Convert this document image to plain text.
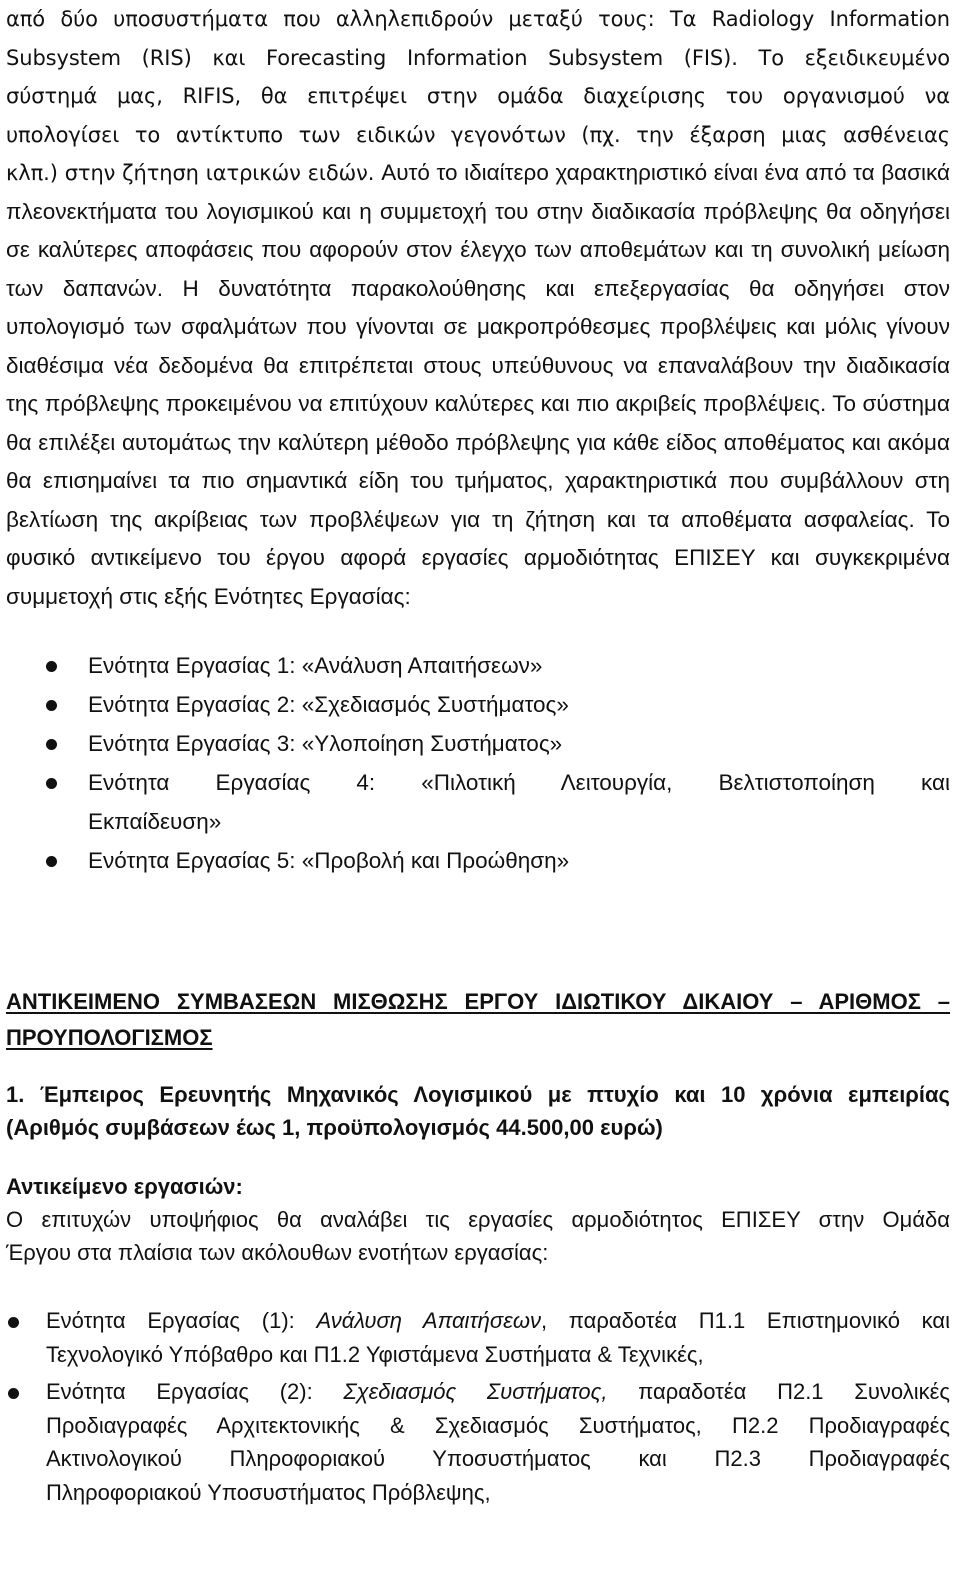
από δύο υποσυστήματα που αλληλεπιδρούν μεταξύ τους: Τα Radiology Information
Subsystem (RIS) και Forecasting Information Subsystem (FIS). Το εξειδικευμένο
σύστημά μας, RIFIS, θα επιτρέψει στην ομάδα διαχείρισης του οργανισμού να
υπολογίσει το αντίκτυπο των ειδικών γεγονότων (πχ. την έξαρση μιας ασθένειας
κλπ.) στην ζήτηση ιατρικών ειδών. Αυτό το ιδιαίτερο χαρακτηριστικό είναι ένα από τα βασικά πλεονεκτήματα του λογισμικού και η συμμετοχή του στην διαδικασία πρόβλεψης θα οδηγήσει σε καλύτερες αποφάσεις που αφορούν στον έλεγχο των αποθεμάτων και τη συνολική μείωση των δαπανών. Η δυνατότητα παρακολούθησης και επεξεργασίας θα οδηγήσει στον υπολογισμό των σφαλμάτων που γίνονται σε μακροπρόθεσμες προβλέψεις και μόλις γίνουν διαθέσιμα νέα δεδομένα θα επιτρέπεται στους υπεύθυνους να επαναλάβουν την διαδικασία της πρόβλεψης προκειμένου να επιτύχουν καλύτερες και πιο ακριβείς προβλέψεις. Το σύστημα θα επιλέξει αυτομάτως την καλύτερη μέθοδο πρόβλεψης για κάθε είδος αποθέματος και ακόμα θα επισημαίνει τα πιο σημαντικά είδη του τμήματος, χαρακτηριστικά που συμβάλλουν στη βελτίωση της ακρίβειας των προβλέψεων για τη ζήτηση και τα αποθέματα ασφαλείας. Το φυσικό αντικείμενο του έργου αφορά εργασίες αρμοδιότητας ΕΠΙΣΕΥ και συγκεκριμένα συμμετοχή στις εξής Ενότητες Εργασίας:
Ενότητα Εργασίας 1: «Ανάλυση Απαιτήσεων»
Ενότητα Εργασίας 2: «Σχεδιασμός Συστήματος»
Ενότητα Εργασίας 3: «Υλοποίηση Συστήματος»
Ενότητα Εργασίας 4: «Πιλοτική Λειτουργία, Βελτιστοποίηση και
Εκπαίδευση»
Ενότητα Εργασίας 5: «Προβολή και Προώθηση»
ΑΝΤΙΚΕΙΜΕΝΟ ΣΥΜΒΑΣΕΩΝ ΜΙΣΘΩΣΗΣ ΕΡΓΟΥ ΙΔΙΩΤΙΚΟΥ ΔΙΚΑΙΟΥ – ΑΡΙΘΜΟΣ –
ΠΡΟΥΠΟΛΟΓΙΣΜΟΣ
1. Έμπειρος Ερευνητής Μηχανικός Λογισμικού με πτυχίο και 10 χρόνια εμπειρίας
(Αριθμός συμβάσεων έως 1, προϋπολογισμός 44.500,00 ευρώ)
Αντικείμενο εργασιών:
Ο επιτυχών υποψήφιος θα αναλάβει τις εργασίες αρμοδιότητος ΕΠΙΣΕΥ στην Ομάδα
Έργου στα πλαίσια των ακόλουθων ενοτήτων εργασίας:
Ενότητα Εργασίας (1): Ανάλυση Απαιτήσεων, παραδοτέα Π1.1 Επιστημονικό και
Τεχνολογικό Υπόβαθρο και Π1.2 Υφιστάμενα Συστήματα & Τεχνικές,
Ενότητα Εργασίας (2): Σχεδιασμός Συστήματος, παραδοτέα Π2.1 Συνολικές
Προδιαγραφές Αρχιτεκτονικής & Σχεδιασμός Συστήματος, Π2.2 Προδιαγραφές
Ακτινολογικού Πληροφοριακού Υποσυστήματος και Π2.3 Προδιαγραφές
Πληροφοριακού Υποσυστήματος Πρόβλεψης,
